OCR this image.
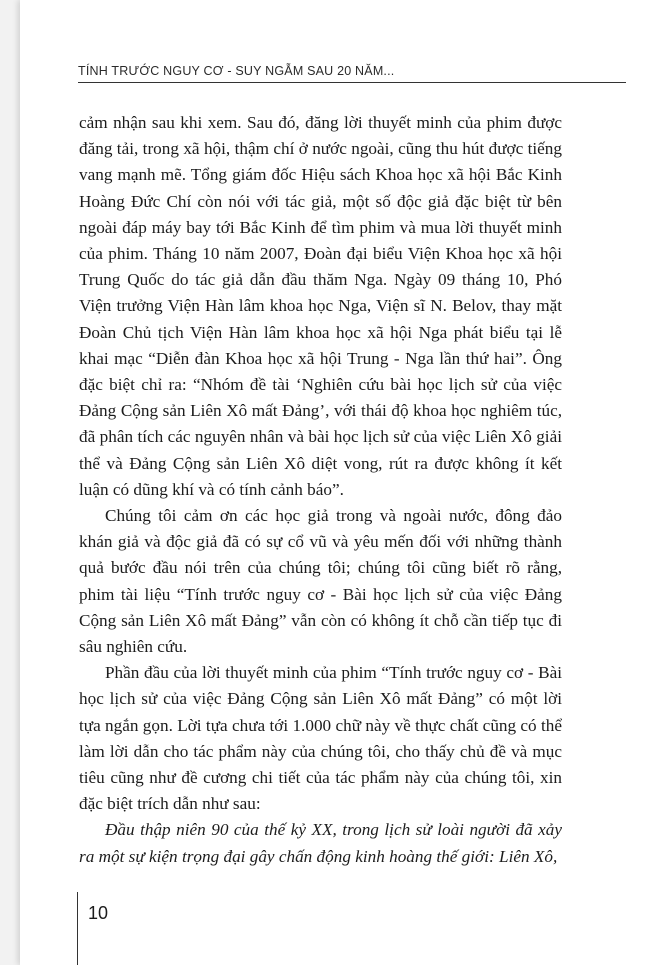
TÍNH TRƯỚC NGUY CƠ - SUY NGẪM SAU 20 NĂM...

cảm nhận sau khi xem. Sau đó, đăng lời thuyết minh của phim được đăng tải, trong xã hội, thậm chí ở nước ngoài, cũng thu hút được tiếng vang mạnh mẽ. Tổng giám đốc Hiệu sách Khoa học xã hội Bắc Kinh Hoàng Đức Chí còn nói với tác giả, một số độc giả đặc biệt từ bên ngoài đáp máy bay tới Bắc Kinh để tìm phim và mua lời thuyết minh của phim. Tháng 10 năm 2007, Đoàn đại biểu Viện Khoa học xã hội Trung Quốc do tác giả dẫn đầu thăm Nga. Ngày 09 tháng 10, Phó Viện trưởng Viện Hàn lâm khoa học Nga, Viện sĩ N. Belov, thay mặt Đoàn Chủ tịch Viện Hàn lâm khoa học xã hội Nga phát biểu tại lễ khai mạc “Diễn đàn Khoa học xã hội Trung - Nga lần thứ hai”. Ông đặc biệt chỉ ra: “Nhóm đề tài ‘Nghiên cứu bài học lịch sử của việc Đảng Cộng sản Liên Xô mất Đảng’, với thái độ khoa học nghiêm túc, đã phân tích các nguyên nhân và bài học lịch sử của việc Liên Xô giải thể và Đảng Cộng sản Liên Xô diệt vong, rút ra được không ít kết luận có dũng khí và có tính cảnh báo”.

Chúng tôi cảm ơn các học giả trong và ngoài nước, đông đảo khán giả và độc giả đã có sự cổ vũ và yêu mến đối với những thành quả bước đầu nói trên của chúng tôi; chúng tôi cũng biết rõ rằng, phim tài liệu “Tính trước nguy cơ - Bài học lịch sử của việc Đảng Cộng sản Liên Xô mất Đảng” vẫn còn có không ít chỗ cần tiếp tục đi sâu nghiên cứu.

Phần đầu của lời thuyết minh của phim “Tính trước nguy cơ - Bài học lịch sử của việc Đảng Cộng sản Liên Xô mất Đảng” có một lời tựa ngắn gọn. Lời tựa chưa tới 1.000 chữ này về thực chất cũng có thể làm lời dẫn cho tác phẩm này của chúng tôi, cho thấy chủ đề và mục tiêu cũng như đề cương chi tiết của tác phẩm này của chúng tôi, xin đặc biệt trích dẫn như sau:

Đầu thập niên 90 của thế kỷ XX, trong lịch sử loài người đã xảy ra một sự kiện trọng đại gây chấn động kinh hoàng thế giới: Liên Xô,

10
